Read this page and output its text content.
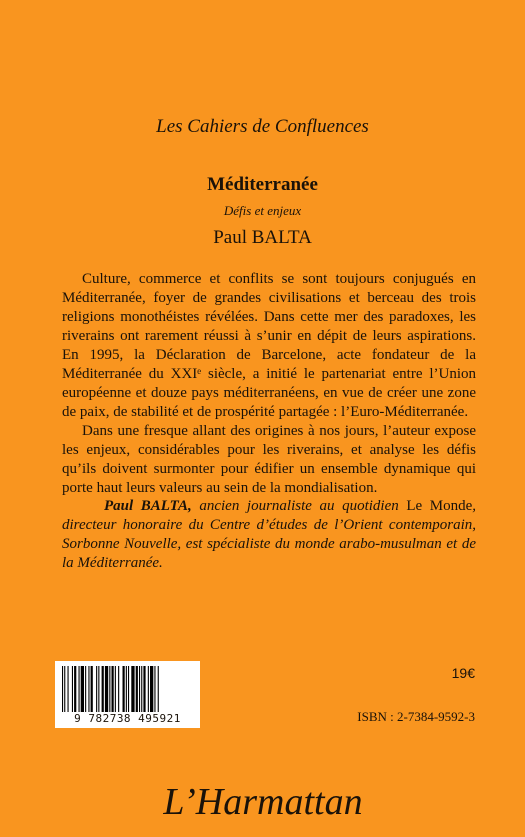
Les Cahiers de Confluences
Méditerranée
Défis et enjeux
Paul BALTA

Culture, commerce et conflits se sont toujours conjugués en Méditerranée, foyer de grandes civilisations et berceau des trois religions monothéistes révélées. Dans cette mer des paradoxes, les riverains ont rarement réussi à s’unir en dépit de leurs aspirations. En 1995, la Déclaration de Barcelone, acte fondateur de la Méditerranée du XXIᵉ siècle, a initié le partenariat entre l’Union européenne et douze pays méditerranéens, en vue de créer une zone de paix, de stabilité et de prospérité partagée : l’Euro-Méditerranée.

Dans une fresque allant des origines à nos jours, l’auteur expose les enjeux, considérables pour les riverains, et analyse les défis qu’ils doivent surmonter pour édifier un ensemble dynamique qui porte haut leurs valeurs au sein de la mondialisation.

Paul BALTA, ancien journaliste au quotidien Le Monde, directeur honoraire du Centre d’études de l’Orient contemporain, Sorbonne Nouvelle, est spécialiste du monde arabo-musulman et de la Méditerranée.

9 782738 495921
19€
ISBN : 2-7384-9592-3
L’Harmattan
